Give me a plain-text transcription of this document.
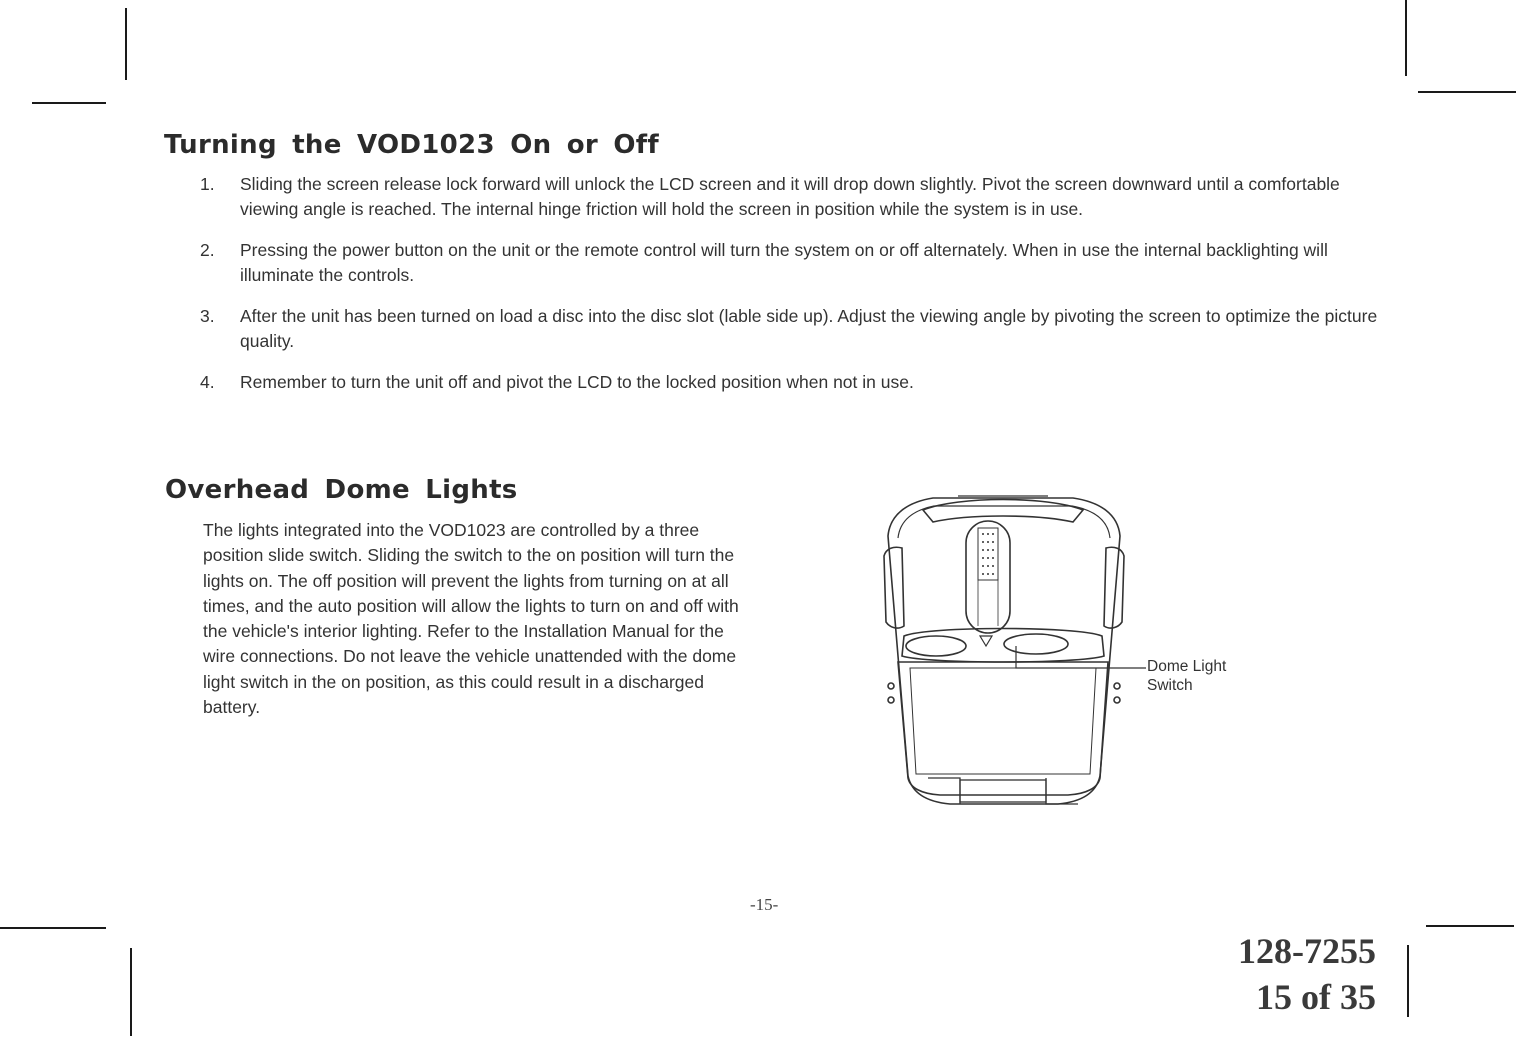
Turning the VOD1023 On or Off
1. Sliding the screen release lock forward will unlock the LCD screen and it will drop down slightly. Pivot the screen downward until a comfortable viewing angle is reached. The internal hinge friction will hold the screen in position while the system is in use.
2. Pressing the power button on the unit or the remote control will turn the system on or off alternately. When in use the internal backlighting will illuminate the controls.
3. After the unit has been turned on load a disc into the disc slot (lable side up). Adjust the viewing angle by pivoting the screen to optimize the picture quality.
4. Remember to turn the unit off and pivot the LCD to the locked position when not in use.
Overhead Dome Lights

The lights integrated into the VOD1023 are controlled by a three position slide switch. Sliding the switch to the on position will turn the lights on. The off position will prevent the lights from turning on at all times, and the auto position will allow the lights to turn on and off with the vehicle's interior lighting. Refer to the Installation Manual for the wire connections. Do not leave the vehicle unattended with the dome light switch in the on position, as this could result in a discharged battery.

Dome Light
Switch
-15-
128-7255
15 of 35
